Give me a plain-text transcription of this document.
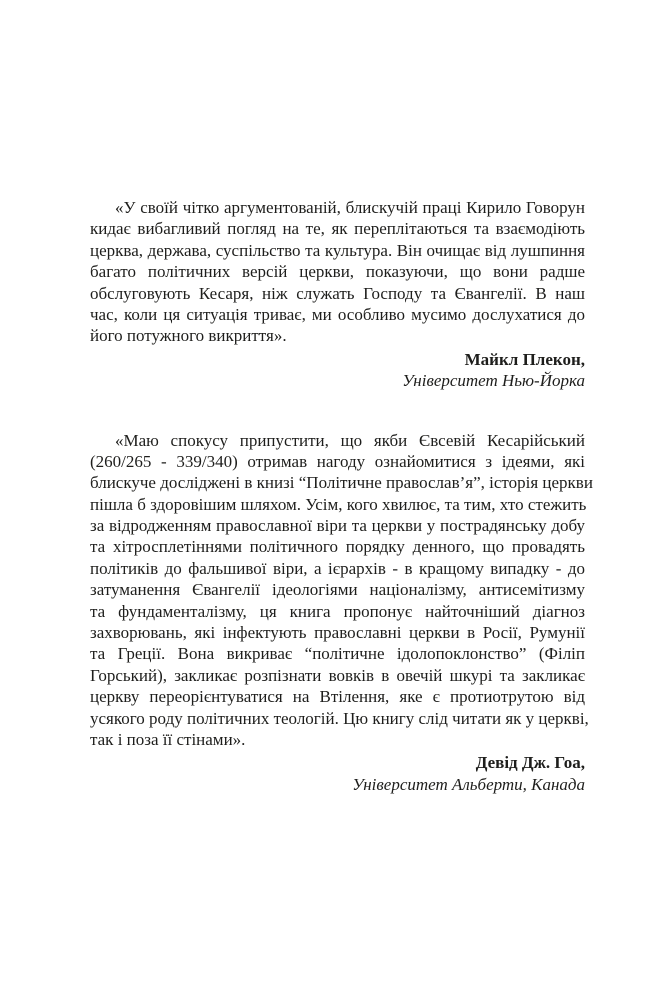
«У своїй чітко аргументованій, блискучій праці Кирило Говорун
кидає вибагливий погляд на те, як переплітаються та взаємодіють
церква, держава, суспільство та культура. Він очищає від лушпиння
багато політичних версій церкви, показуючи, що вони радше
обслуговують Кесаря, ніж служать Господу та Євангелії. В наш
час, коли ця ситуація триває, ми особливо мусимо дослухатися до
його потужного викриття».
Майкл Плекон,
Університет Нью-Йорка
«Маю спокусу припустити, що якби Євсевій Кесарійський
(260/265 - 339/340) отримав нагоду ознайомитися з ідеями, які
блискуче досліджені в книзі “Політичне православ’я”, історія церкви
пішла б здоровішим шляхом. Усім, кого хвилює, та тим, хто стежить
за відродженням православної віри та церкви у пострадянську добу
та хітросплетіннями політичного порядку денного, що провадять
політиків до фальшивої віри, а ієрархів - в кращому випадку - до
затуманення Євангелії ідеологіями націоналізму, антисемітизму
та фундаменталізму, ця книга пропонує найточніший діагноз
захворювань, які інфектують православні церкви в Росії, Румунії
та Греції. Вона викриває “політичне ідолопоклонство” (Філіп
Горський), закликає розпізнати вовків в овечій шкурі та закликає
церкву переорієнтуватися на Втілення, яке є протиотрутою від
усякого роду політичних теологій. Цю книгу слід читати як у церкві,
так і поза її стінами».
Девід Дж. Гоа,
Університет Альберти, Канада
